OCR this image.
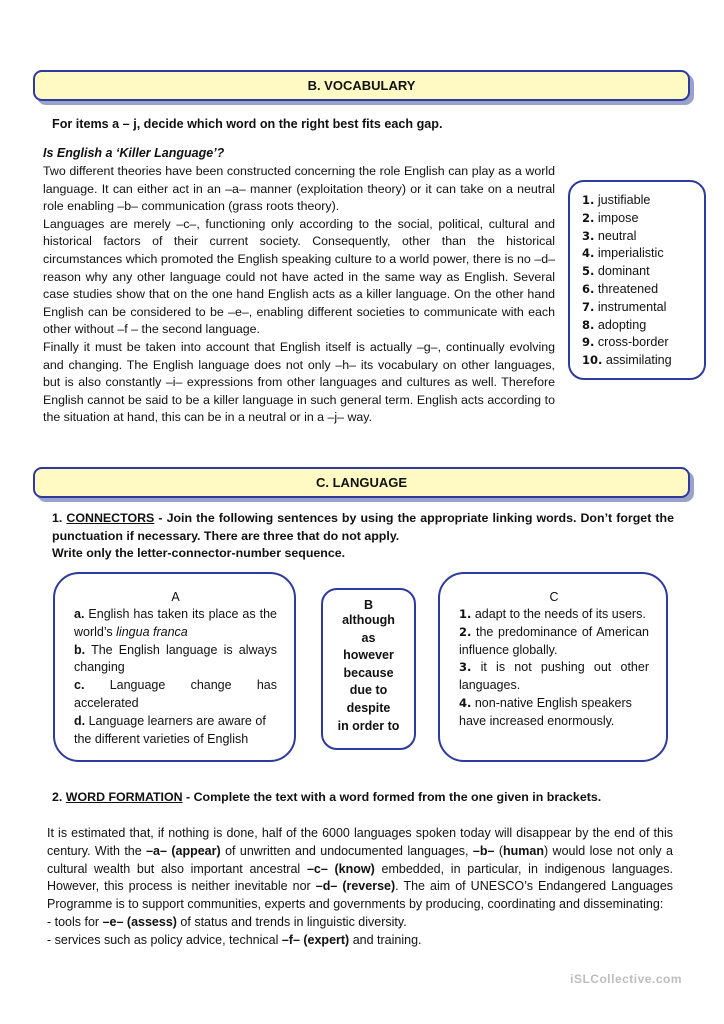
B. VOCABULARY
For items a – j, decide which word on the right best fits each gap.
Is English a ‘Killer Language’?

Two different theories have been constructed concerning the role English can play as a world language. It can either act in an –a– manner (exploitation theory) or it can take on a neutral role enabling –b– communication (grass roots theory).

Languages are merely –c–, functioning only according to the social, political, cultural and historical factors of their current society. Consequently, other than the historical circumstances which promoted the English speaking culture to a world power, there is no –d– reason why any other language could not have acted in the same way as English. Several case studies show that on the one hand English acts as a killer language. On the other hand English can be considered to be –e–, enabling different societies to communicate with each other without –f – the second language.

Finally it must be taken into account that English itself is actually –g–, continually evolving and changing. The English language does not only –h– its vocabulary on other languages, but is also constantly –i– expressions from other languages and cultures as well. Therefore English cannot be said to be a killer language in such general term. English acts according to the situation at hand, this can be in a neutral or in a –j– way.

1. justifiable
2. impose
3. neutral
4. imperialistic
5. dominant
6. threatened
7. instrumental
8. adopting
9. cross-border
10. assimilating
C. LANGUAGE
1. CONNECTORS - Join the following sentences by using the appropriate linking words. Don’t forget the punctuation if necessary. There are three that do not apply.
Write only the letter-connector-number sequence.
A
a. English has taken its place as the world’s lingua franca
b. The English language is always changing
c. Language change has accelerated
d. Language learners are aware of the different varieties of English
B
although
as
however
because
due to
despite
in order to
C
1. adapt to the needs of its users.
2. the predominance of American influence globally.
3. it is not pushing out other languages.
4. non-native English speakers have increased enormously.
2. WORD FORMATION - Complete the text with a word formed from the one given in brackets.

It is estimated that, if nothing is done, half of the 6000 languages spoken today will disappear by the end of this century. With the –a– (appear) of unwritten and undocumented languages, –b– (human) would lose not only a cultural wealth but also important ancestral –c– (know) embedded, in particular, in indigenous languages. However, this process is neither inevitable nor –d– (reverse). The aim of UNESCO’s Endangered Languages Programme is to support communities, experts and governments by producing, coordinating and disseminating:

- tools for –e– (assess) of status and trends in linguistic diversity.

- services such as policy advice, technical –f– (expert) and training.

iSLCollective.com
